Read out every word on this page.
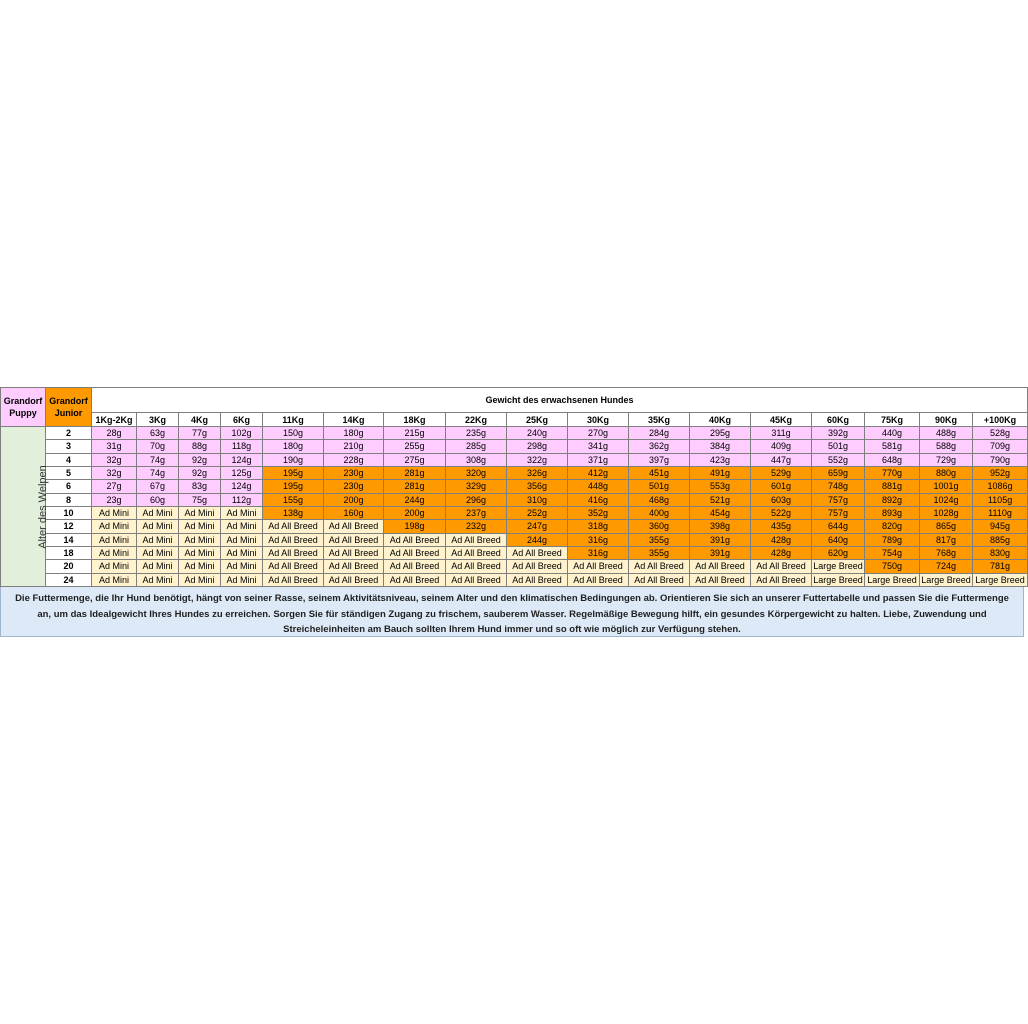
Grandorf
Puppy	Grandorf
Junior	Gewicht des erwachsenen Hundes																
		1Kg-2Kg	3Kg	4Kg	6Kg	11Kg	14Kg	18Kg	22Kg	25Kg	30Kg	35Kg	40Kg	45Kg	60Kg	75Kg	90Kg	+100Kg
Alter des Welpen	2	28g	63g	77g	102g	150g	180g	215g	235g	240g	270g	284g	295g	311g	392g	440g	488g	528g
	3	31g	70g	88g	118g	180g	210g	255g	285g	298g	341g	362g	384g	409g	501g	581g	588g	709g
	4	32g	74g	92g	124g	190g	228g	275g	308g	322g	371g	397g	423g	447g	552g	648g	729g	790g
	5	32g	74g	92g	125g	195g	230g	281g	320g	326g	412g	451g	491g	529g	659g	770g	880g	952g
	6	27g	67g	83g	124g	195g	230g	281g	329g	356g	448g	501g	553g	601g	748g	881g	1001g	1086g
	8	23g	60g	75g	112g	155g	200g	244g	296g	310g	416g	468g	521g	603g	757g	892g	1024g	1105g
	10	Ad Mini	Ad Mini	Ad Mini	Ad Mini	138g	160g	200g	237g	252g	352g	400g	454g	522g	757g	893g	1028g	1110g
	12	Ad Mini	Ad Mini	Ad Mini	Ad Mini	Ad All Breed	Ad All Breed	198g	232g	247g	318g	360g	398g	435g	644g	820g	865g	945g
	14	Ad Mini	Ad Mini	Ad Mini	Ad Mini	Ad All Breed	Ad All Breed	Ad All Breed	Ad All Breed	244g	316g	355g	391g	428g	640g	789g	817g	885g
	18	Ad Mini	Ad Mini	Ad Mini	Ad Mini	Ad All Breed	Ad All Breed	Ad All Breed	Ad All Breed	Ad All Breed	316g	355g	391g	428g	620g	754g	768g	830g
	20	Ad Mini	Ad Mini	Ad Mini	Ad Mini	Ad All Breed	Ad All Breed	Ad All Breed	Ad All Breed	Ad All Breed	Ad All Breed	Ad All Breed	Ad All Breed	Ad All Breed	Large Breed	750g	724g	781g
	24	Ad Mini	Ad Mini	Ad Mini	Ad Mini	Ad All Breed	Ad All Breed	Ad All Breed	Ad All Breed	Ad All Breed	Ad All Breed	Ad All Breed	Ad All Breed	Ad All Breed	Large Breed	Large Breed	Large Breed	Large Breed
Die Futtermenge, die Ihr Hund benötigt, hängt von seiner Rasse, seinem Aktivitätsniveau, seinem Alter und den klimatischen Bedingungen ab. Orientieren Sie sich an unserer Futtertabelle und passen Sie die Futtermenge an, um das Idealgewicht Ihres Hundes zu erreichen. Sorgen Sie für ständigen Zugang zu frischem, sauberem Wasser. Regelmäßige Bewegung hilft, ein gesundes Körpergewicht zu halten. Liebe, Zuwendung und Streicheleinheiten am Bauch sollten Ihrem Hund immer und so oft wie möglich zur Verfügung stehen.
